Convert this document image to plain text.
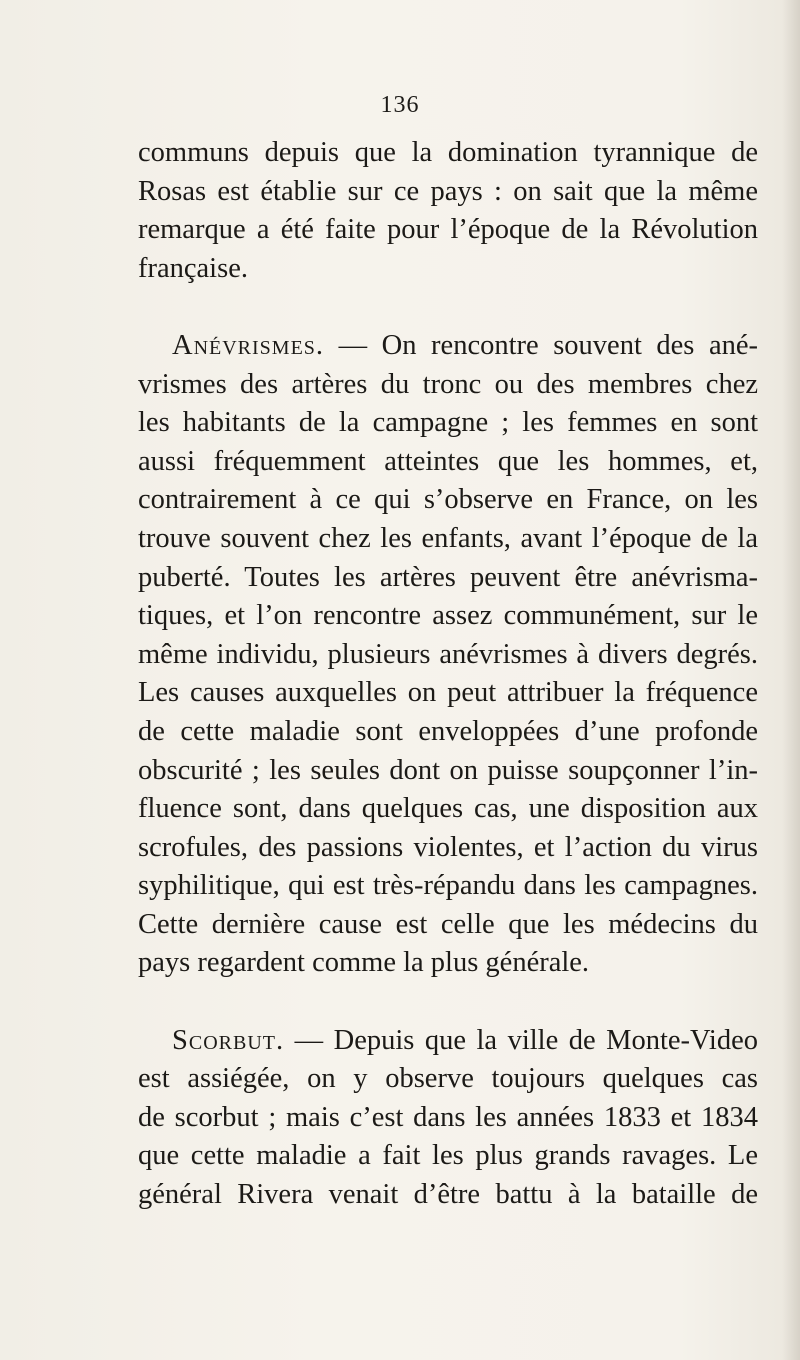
136
communs depuis que la domination tyrannique de
Rosas est établie sur ce pays : on sait que la même
remarque a été faite pour l’époque de la Révolution
française.
Anévrismes. — On rencontre souvent des ané-
vrismes des artères du tronc ou des membres chez
les habitants de la campagne ; les femmes en sont
aussi fréquemment atteintes que les hommes, et,
contrairement à ce qui s’observe en France, on les
trouve souvent chez les enfants, avant l’époque de la
puberté. Toutes les artères peuvent être anévrisma-
tiques, et l’on rencontre assez communément, sur le
même individu, plusieurs anévrismes à divers degrés.
Les causes auxquelles on peut attribuer la fréquence
de cette maladie sont enveloppées d’une profonde
obscurité ; les seules dont on puisse soupçonner l’in-
fluence sont, dans quelques cas, une disposition aux
scrofules, des passions violentes, et l’action du virus
syphilitique, qui est très-répandu dans les campagnes.
Cette dernière cause est celle que les médecins du
pays regardent comme la plus générale.
Scorbut. — Depuis que la ville de Monte-Video
est assiégée, on y observe toujours quelques cas
de scorbut ; mais c’est dans les années 1833 et 1834
que cette maladie a fait les plus grands ravages. Le
général Rivera venait d’être battu à la bataille de
